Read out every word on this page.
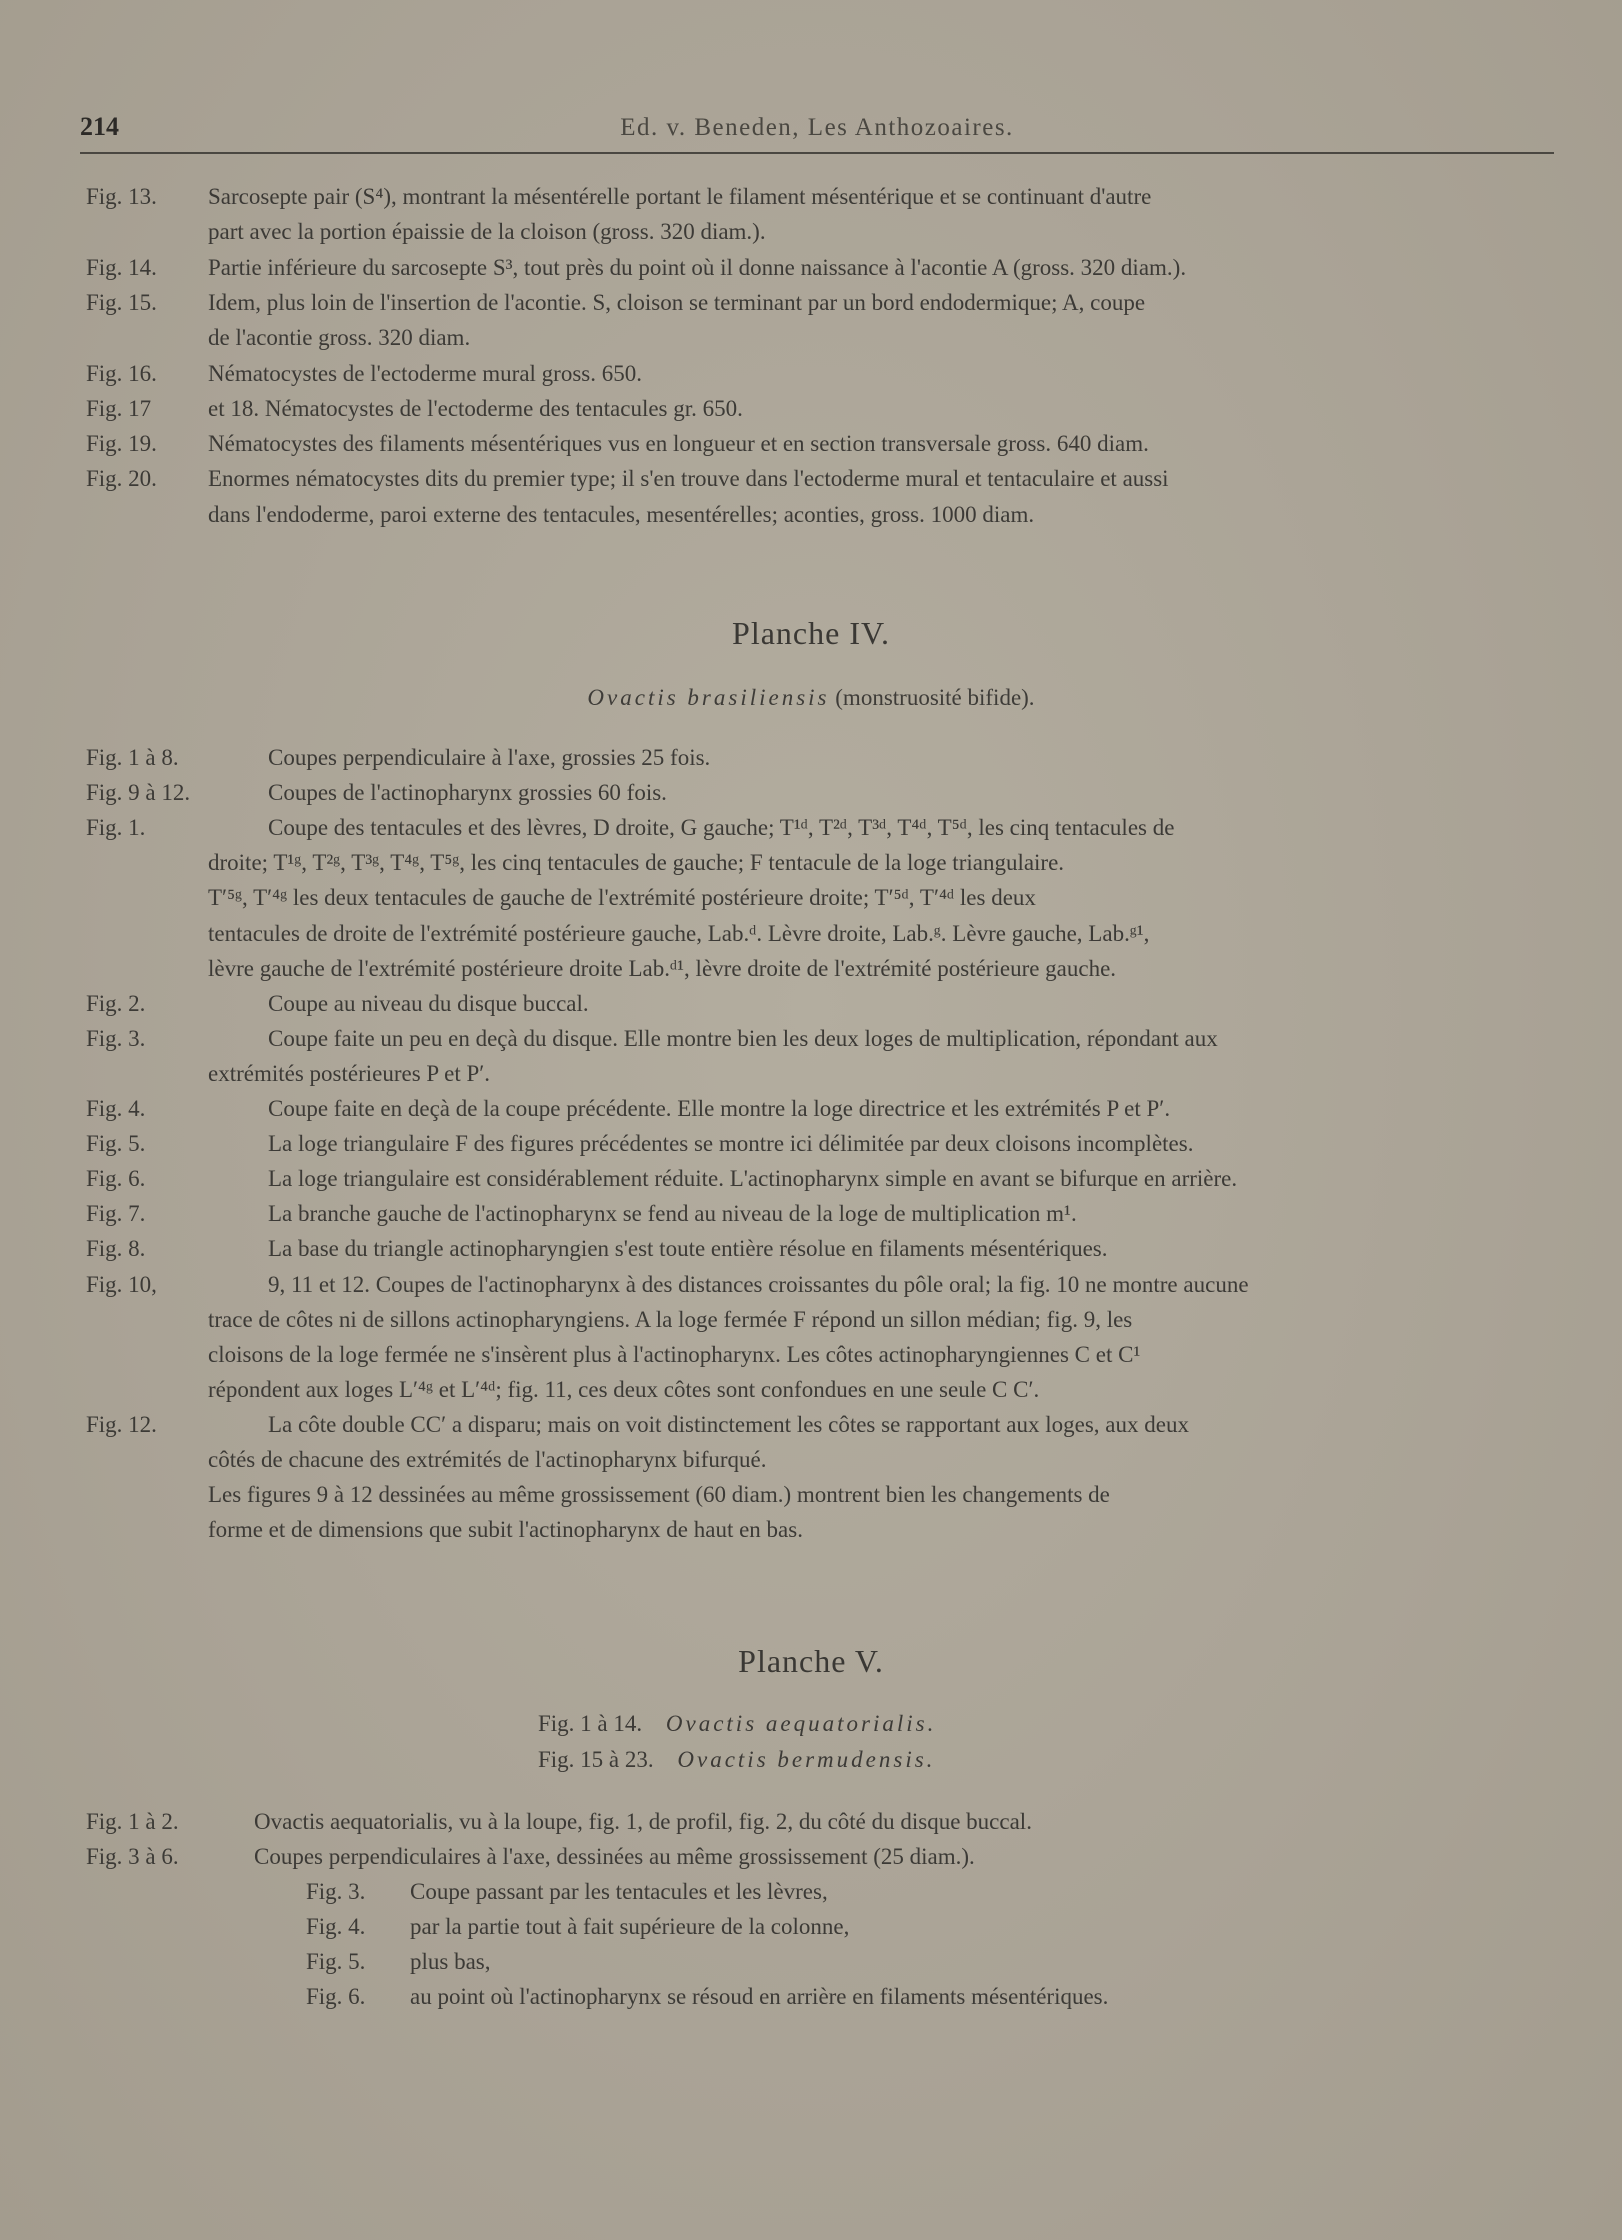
214	Ed. v. Beneden, Les Anthozoaires.
Fig. 13. Sarcosepte pair (S⁴), montrant la mésentérelle portant le filament mésentérique et se continuant d'autre
part avec la portion épaissie de la cloison (gross. 320 diam.).
Fig. 14. Partie inférieure du sarcosepte S³, tout près du point où il donne naissance à l'acontie A (gross. 320 diam.).
Fig. 15. Idem, plus loin de l'insertion de l'acontie. S, cloison se terminant par un bord endodermique; A, coupe
de l'acontie gross. 320 diam.
Fig. 16. Nématocystes de l'ectoderme mural gross. 650.
Fig. 17 et 18. Nématocystes de l'ectoderme des tentacules gr. 650.
Fig. 19. Nématocystes des filaments mésentériques vus en longueur et en section transversale gross. 640 diam.
Fig. 20. Enormes nématocystes dits du premier type; il s'en trouve dans l'ectoderme mural et tentaculaire et aussi
dans l'endoderme, paroi externe des tentacules, mesentérelles; aconties, gross. 1000 diam.
Planche IV.
Ovactis brasiliensis (monstruosité bifide).
Fig. 1 à 8.	Coupes perpendiculaire à l'axe, grossies 25 fois.
Fig. 9 à 12.	Coupes de l'actinopharynx grossies 60 fois.
Fig. 1.	Coupe des tentacules et des lèvres, D droite, G gauche; T¹ᵈ, T²ᵈ, T³ᵈ, T⁴ᵈ, T⁵ᵈ, les cinq tentacules de
droite; T¹ᵍ, T²ᵍ, T³ᵍ, T⁴ᵍ, T⁵ᵍ, les cinq tentacules de gauche; F tentacule de la loge triangulaire.
T′⁵ᵍ, T′⁴ᵍ les deux tentacules de gauche de l'extrémité postérieure droite; T′⁵ᵈ, T′⁴ᵈ les deux
tentacules de droite de l'extrémité postérieure gauche, Lab.ᵈ. Lèvre droite, Lab.ᵍ. Lèvre gauche, Lab.ᵍ¹,
lèvre gauche de l'extrémité postérieure droite Lab.ᵈ¹, lèvre droite de l'extrémité postérieure gauche.
Fig. 2.	Coupe au niveau du disque buccal.
Fig. 3.	Coupe faite un peu en deçà du disque. Elle montre bien les deux loges de multiplication, répondant aux
extrémités postérieures P et P′.
Fig. 4.	Coupe faite en deçà de la coupe précédente. Elle montre la loge directrice et les extrémités P et P′.
Fig. 5.	La loge triangulaire F des figures précédentes se montre ici délimitée par deux cloisons incomplètes.
Fig. 6.	La loge triangulaire est considérablement réduite. L'actinopharynx simple en avant se bifurque en arrière.
Fig. 7.	La branche gauche de l'actinopharynx se fend au niveau de la loge de multiplication m¹.
Fig. 8.	La base du triangle actinopharyngien s'est toute entière résolue en filaments mésentériques.
Fig. 10,	9, 11 et 12. Coupes de l'actinopharynx à des distances croissantes du pôle oral; la fig. 10 ne montre aucune
trace de côtes ni de sillons actinopharyngiens. A la loge fermée F répond un sillon médian; fig. 9, les
cloisons de la loge fermée ne s'insèrent plus à l'actinopharynx. Les côtes actinopharyngiennes C et C¹
répondent aux loges L′⁴ᵍ et L′⁴ᵈ; fig. 11, ces deux côtes sont confondues en une seule C C′.
Fig. 12.	La côte double CC′ a disparu; mais on voit distinctement les côtes se rapportant aux loges, aux deux
côtés de chacune des extrémités de l'actinopharynx bifurqué.
Les figures 9 à 12 dessinées au même grossissement (60 diam.) montrent bien les changements de
forme et de dimensions que subit l'actinopharynx de haut en bas.
Planche V.
Fig. 1 à 14. Ovactis aequatorialis.
Fig. 15 à 23. Ovactis bermudensis.
Fig. 1 à 2.	Ovactis aequatorialis, vu à la loupe, fig. 1, de profil, fig. 2, du côté du disque buccal.
Fig. 3 à 6.	Coupes perpendiculaires à l'axe, dessinées au même grossissement (25 diam.).
Fig. 3. Coupe passant par les tentacules et les lèvres,
Fig. 4. par la partie tout à fait supérieure de la colonne,
Fig. 5. plus bas,
Fig. 6. au point où l'actinopharynx se résoud en arrière en filaments mésentériques.
